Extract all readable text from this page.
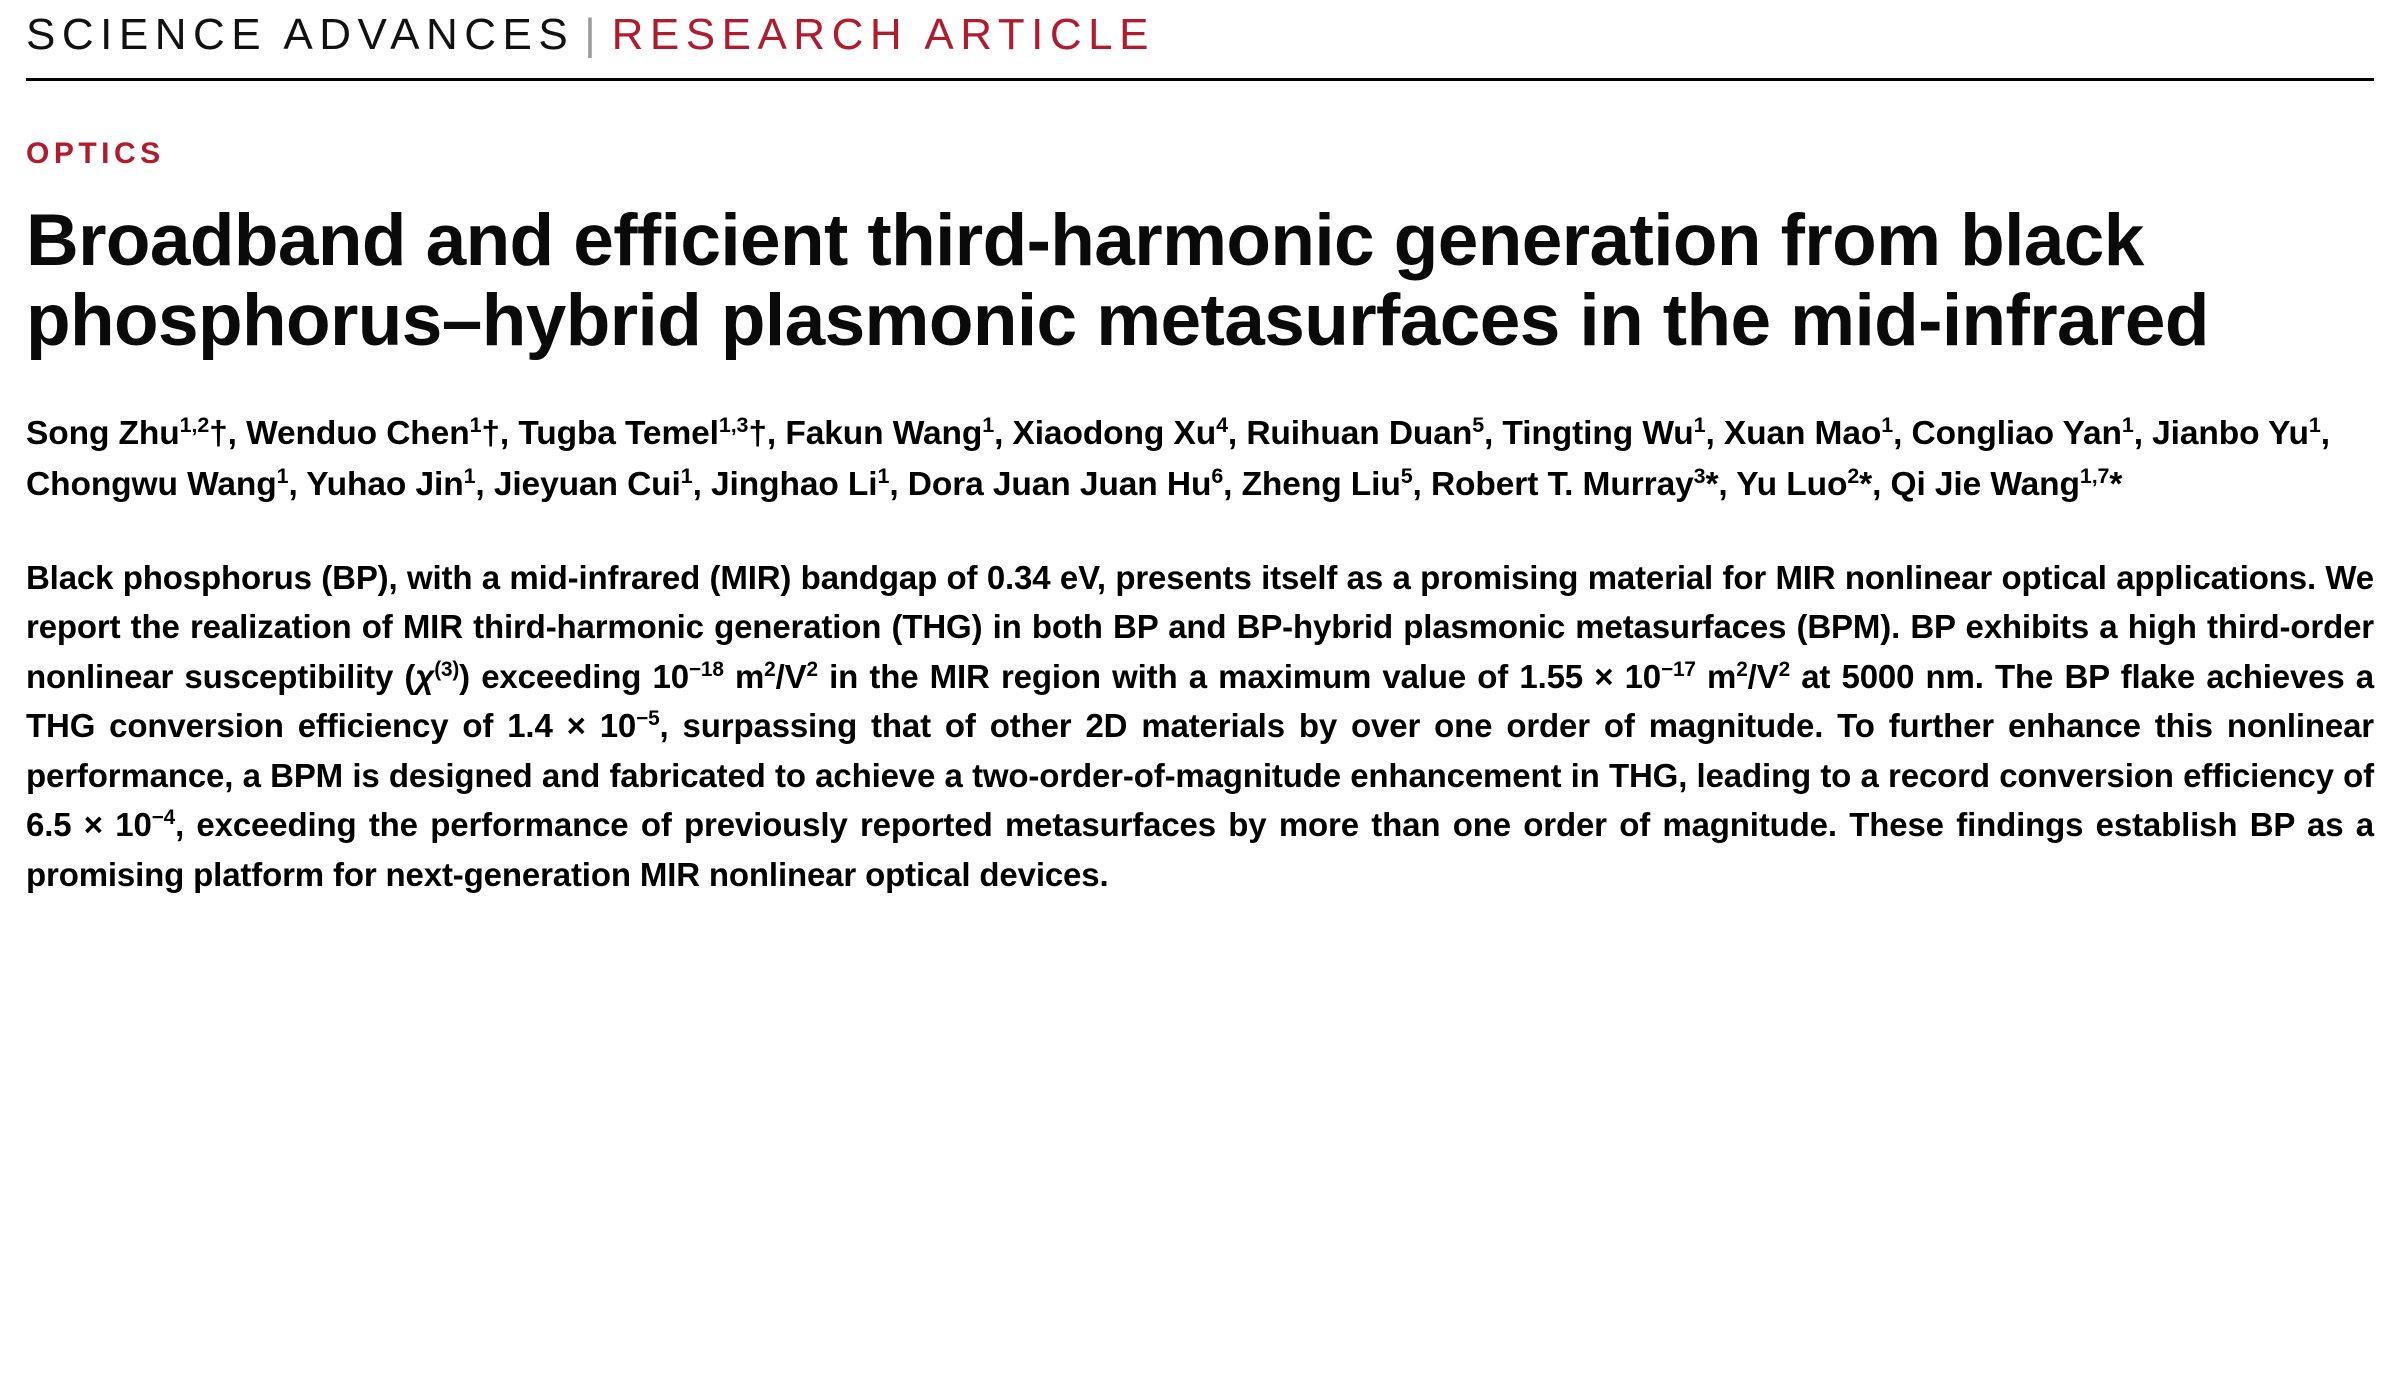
SCIENCE ADVANCES | RESEARCH ARTICLE
OPTICS
Broadband and efficient third-harmonic generation from black phosphorus–hybrid plasmonic metasurfaces in the mid-infrared
Song Zhu$^{1,2}$†, Wenduo Chen$^1$†, Tugba Temel$^{1,3}$†, Fakun Wang$^1$, Xiaodong Xu$^4$, Ruihuan Duan$^5$, Tingting Wu$^1$, Xuan Mao$^1$, Congliao Yan$^1$, Jianbo Yu$^1$, Chongwu Wang$^1$, Yuhao Jin$^1$, Jieyuan Cui$^1$, Jinghao Li$^1$, Dora Juan Juan Hu$^6$, Zheng Liu$^5$, Robert T. Murray$^3$*, Yu Luo$^2$*, Qi Jie Wang$^{1,7}$*
Black phosphorus (BP), with a mid-infrared (MIR) bandgap of 0.34 eV, presents itself as a promising material for MIR nonlinear optical applications. We report the realization of MIR third-harmonic generation (THG) in both BP and BP-hybrid plasmonic metasurfaces (BPM). BP exhibits a high third-order nonlinear susceptibility $(\chi^{(3)})$ exceeding $10^{-18}$ $m^2/V^2$ in the MIR region with a maximum value of $1.55 \times 10^{-17}$ $m^2/V^2$ at 5000 nm. The BP flake achieves a THG conversion efficiency of $1.4 \times 10^{-5}$, surpassing that of other 2D materials by over one order of magnitude. To further enhance this nonlinear performance, a BPM is designed and fabricated to achieve a two-order-of-magnitude enhancement in THG, leading to a record conversion efficiency of $6.5 \times 10^{-4}$, exceeding the performance of previously reported metasurfaces by more than one order of magnitude. These findings establish BP as a promising platform for next-generation MIR nonlinear optical devices.
